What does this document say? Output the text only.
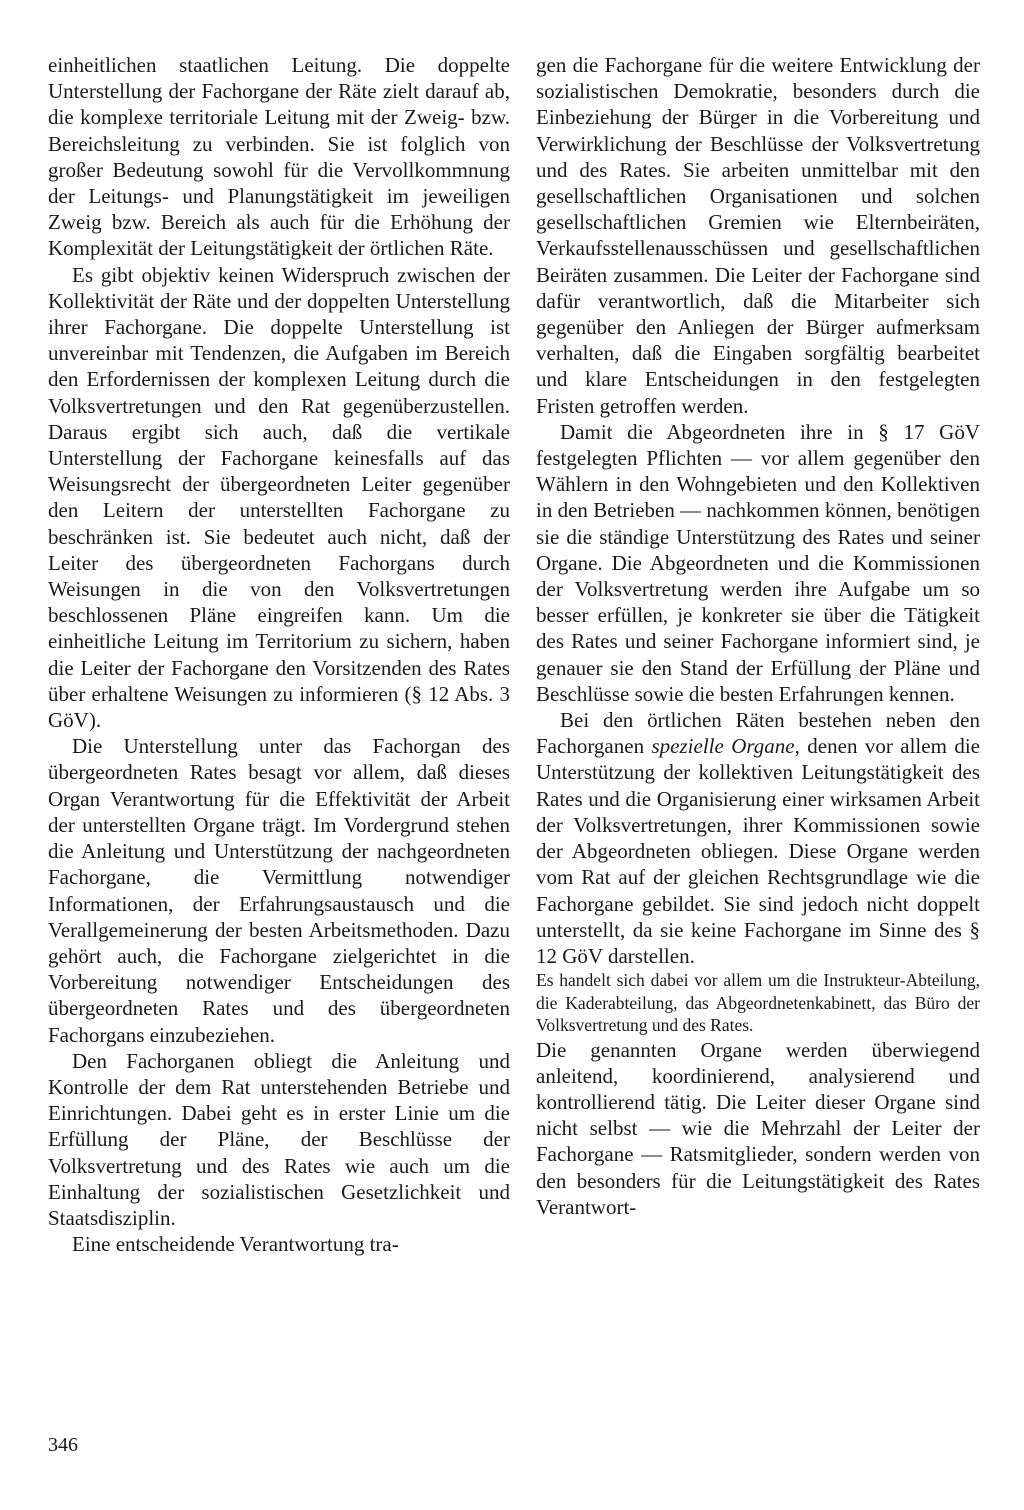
einheitlichen staatlichen Leitung. Die doppelte Unterstellung der Fachorgane der Räte zielt darauf ab, die komplexe territoriale Leitung mit der Zweig- bzw. Bereichsleitung zu verbinden. Sie ist folglich von großer Bedeutung sowohl für die Vervollkommnung der Leitungs- und Planungstätigkeit im jeweiligen Zweig bzw. Bereich als auch für die Erhöhung der Komplexität der Leitungstätigkeit der örtlichen Räte.

Es gibt objektiv keinen Widerspruch zwischen der Kollektivität der Räte und der doppelten Unterstellung ihrer Fachorgane. Die doppelte Unterstellung ist unvereinbar mit Tendenzen, die Aufgaben im Bereich den Erfordernissen der komplexen Leitung durch die Volksvertretungen und den Rat gegenüberzustellen. Daraus ergibt sich auch, daß die vertikale Unterstellung der Fachorgane keinesfalls auf das Weisungsrecht der übergeordneten Leiter gegenüber den Leitern der unterstellten Fachorgane zu beschränken ist. Sie bedeutet auch nicht, daß der Leiter des übergeordneten Fachorgans durch Weisungen in die von den Volksvertretungen beschlossenen Pläne eingreifen kann. Um die einheitliche Leitung im Territorium zu sichern, haben die Leiter der Fachorgane den Vorsitzenden des Rates über erhaltene Weisungen zu informieren (§ 12 Abs. 3 GöV).

Die Unterstellung unter das Fachorgan des übergeordneten Rates besagt vor allem, daß dieses Organ Verantwortung für die Effektivität der Arbeit der unterstellten Organe trägt. Im Vordergrund stehen die Anleitung und Unterstützung der nachgeordneten Fachorgane, die Vermittlung notwendiger Informationen, der Erfahrungsaustausch und die Verallgemeinerung der besten Arbeitsmethoden. Dazu gehört auch, die Fachorgane zielgerichtet in die Vorbereitung notwendiger Entscheidungen des übergeordneten Rates und des übergeordneten Fachorgans einzubeziehen.

Den Fachorganen obliegt die Anleitung und Kontrolle der dem Rat unterstehenden Betriebe und Einrichtungen. Dabei geht es in erster Linie um die Erfüllung der Pläne, der Beschlüsse der Volksvertretung und des Rates wie auch um die Einhaltung der sozialistischen Gesetzlichkeit und Staatsdisziplin.

Eine entscheidende Verantwortung tra-

gen die Fachorgane für die weitere Entwicklung der sozialistischen Demokratie, besonders durch die Einbeziehung der Bürger in die Vorbereitung und Verwirklichung der Beschlüsse der Volksvertretung und des Rates. Sie arbeiten unmittelbar mit den gesellschaftlichen Organisationen und solchen gesellschaftlichen Gremien wie Elternbeiräten, Verkaufsstellenausschüssen und gesellschaftlichen Beiräten zusammen. Die Leiter der Fachorgane sind dafür verantwortlich, daß die Mitarbeiter sich gegenüber den Anliegen der Bürger aufmerksam verhalten, daß die Eingaben sorgfältig bearbeitet und klare Entscheidungen in den festgelegten Fristen getroffen werden.

Damit die Abgeordneten ihre in § 17 GöV festgelegten Pflichten — vor allem gegenüber den Wählern in den Wohngebieten und den Kollektiven in den Betrieben — nachkommen können, benötigen sie die ständige Unterstützung des Rates und seiner Organe. Die Abgeordneten und die Kommissionen der Volksvertretung werden ihre Aufgabe um so besser erfüllen, je konkreter sie über die Tätigkeit des Rates und seiner Fachorgane informiert sind, je genauer sie den Stand der Erfüllung der Pläne und Beschlüsse sowie die besten Erfahrungen kennen.

Bei den örtlichen Räten bestehen neben den Fachorganen spezielle Organe, denen vor allem die Unterstützung der kollektiven Leitungstätigkeit des Rates und die Organisierung einer wirksamen Arbeit der Volksvertretungen, ihrer Kommissionen sowie der Abgeordneten obliegen. Diese Organe werden vom Rat auf der gleichen Rechtsgrundlage wie die Fachorgane gebildet. Sie sind jedoch nicht doppelt unterstellt, da sie keine Fachorgane im Sinne des § 12 GöV darstellen.

Es handelt sich dabei vor allem um die Instrukteur-Abteilung, die Kaderabteilung, das Abgeordnetenkabinett, das Büro der Volksvertretung und des Rates.

Die genannten Organe werden überwiegend anleitend, koordinierend, analysierend und kontrollierend tätig. Die Leiter dieser Organe sind nicht selbst — wie die Mehrzahl der Leiter der Fachorgane — Ratsmitglieder, sondern werden von den besonders für die Leitungstätigkeit des Rates Verantwort-

346
